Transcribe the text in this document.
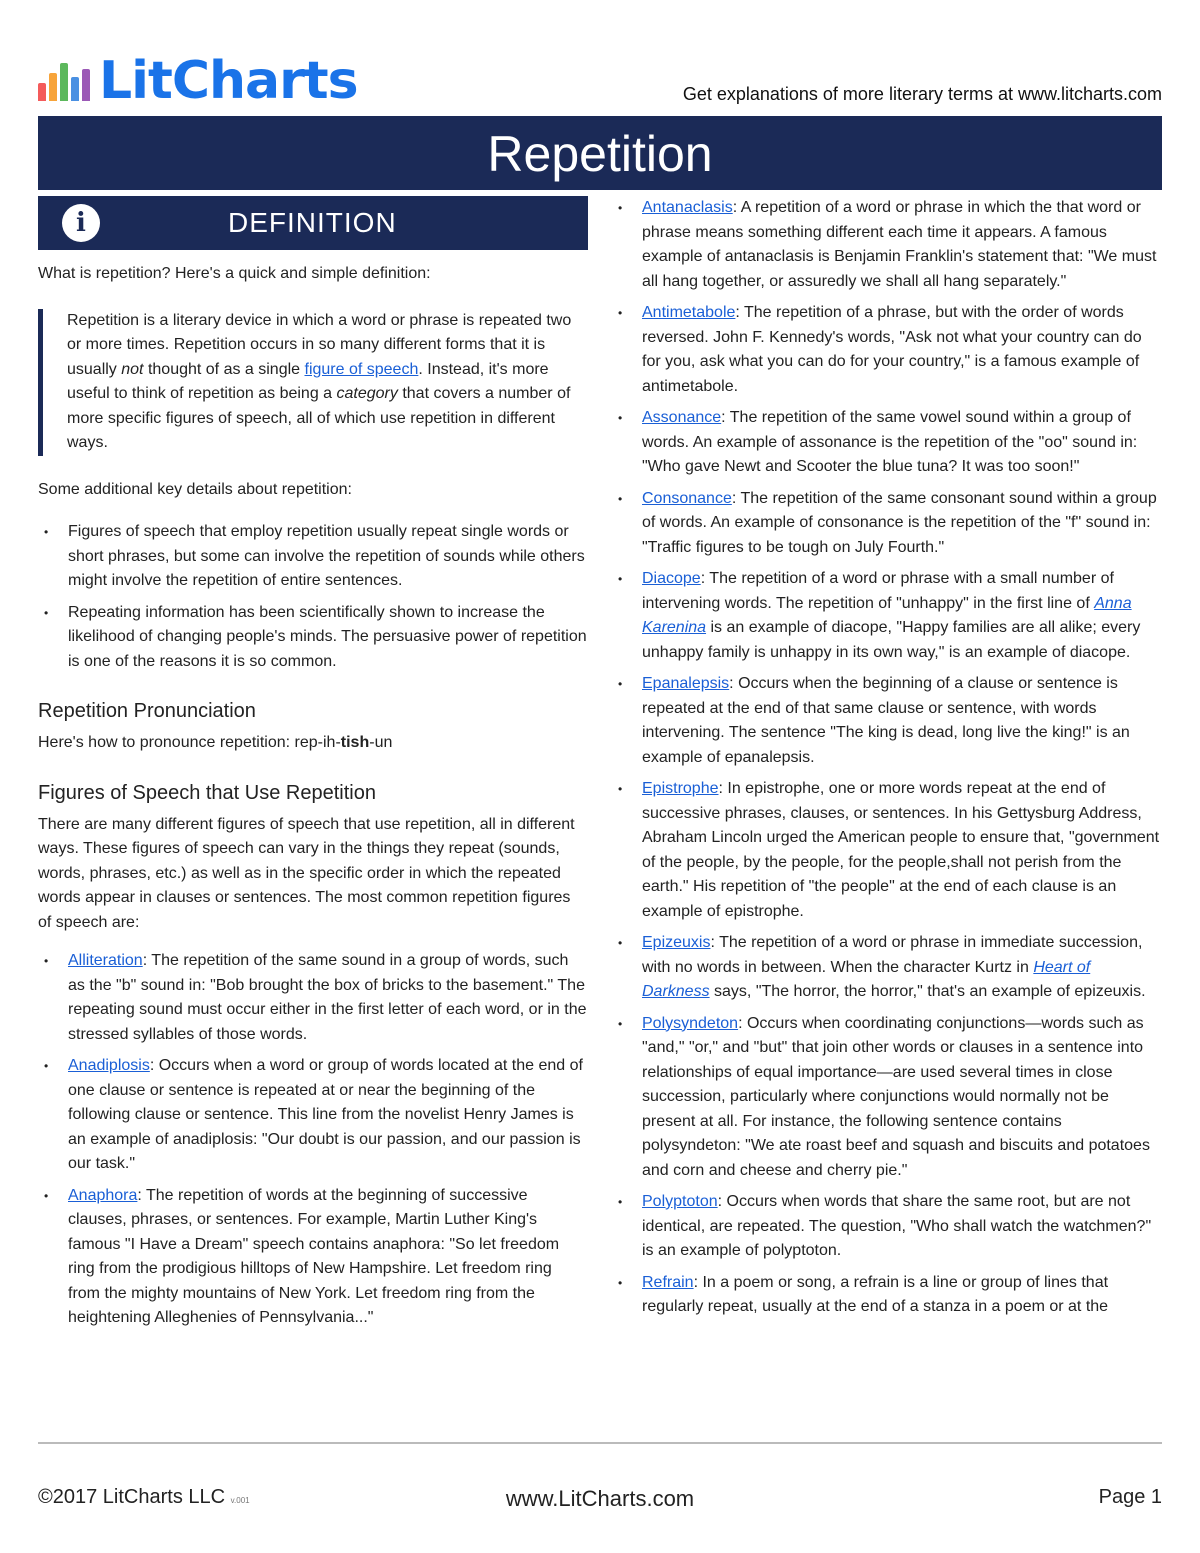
LitCharts	Get explanations of more literary terms at www.litcharts.com
Repetition
i	DEFINITION

What is repetition? Here's a quick and simple definition:

Repetition is a literary device in which a word or phrase is repeated two or more times. Repetition occurs in so many different forms that it is usually not thought of as a single figure of speech. Instead, it's more useful to think of repetition as being a category that covers a number of more specific figures of speech, all of which use repetition in different ways.

Some additional key details about repetition:

• Figures of speech that employ repetition usually repeat single words or short phrases, but some can involve the repetition of sounds while others might involve the repetition of entire sentences.
• Repeating information has been scientifically shown to increase the likelihood of changing people's minds. The persuasive power of repetition is one of the reasons it is so common.
Repetition Pronunciation

Here's how to pronounce repetition: rep-ih-tish-un

Figures of Speech that Use Repetition

There are many different figures of speech that use repetition, all in different ways. These figures of speech can vary in the things they repeat (sounds, words, phrases, etc.) as well as in the specific order in which the repeated words appear in clauses or sentences. The most common repetition figures of speech are:

• Alliteration: The repetition of the same sound in a group of words, such as the "b" sound in: "Bob brought the box of bricks to the basement." The repeating sound must occur either in the first letter of each word, or in the stressed syllables of those words.
• Anadiplosis: Occurs when a word or group of words located at the end of one clause or sentence is repeated at or near the beginning of the following clause or sentence. This line from the novelist Henry James is an example of anadiplosis: "Our doubt is our passion, and our passion is our task."
• Anaphora: The repetition of words at the beginning of successive clauses, phrases, or sentences. For example, Martin Luther King's famous "I Have a Dream" speech contains anaphora: "So let freedom ring from the prodigious hilltops of New Hampshire. Let freedom ring from the mighty mountains of New York. Let freedom ring from the heightening Alleghenies of Pennsylvania..."
• Antanaclasis: A repetition of a word or phrase in which the that word or phrase means something different each time it appears. A famous example of antanaclasis is Benjamin Franklin's statement that: "We must all hang together, or assuredly we shall all hang separately."
• Antimetabole: The repetition of a phrase, but with the order of words reversed. John F. Kennedy's words, "Ask not what your country can do for you, ask what you can do for your country," is a famous example of antimetabole.
• Assonance: The repetition of the same vowel sound within a group of words. An example of assonance is the repetition of the "oo" sound in: "Who gave Newt and Scooter the blue tuna? It was too soon!"
• Consonance: The repetition of the same consonant sound within a group of words. An example of consonance is the repetition of the "f" sound in: "Traffic figures to be tough on July Fourth."
• Diacope: The repetition of a word or phrase with a small number of intervening words. The repetition of "unhappy" in the first line of Anna Karenina is an example of diacope, "Happy families are all alike; every unhappy family is unhappy in its own way," is an example of diacope.
• Epanalepsis: Occurs when the beginning of a clause or sentence is repeated at the end of that same clause or sentence, with words intervening. The sentence "The king is dead, long live the king!" is an example of epanalepsis.
• Epistrophe: In epistrophe, one or more words repeat at the end of successive phrases, clauses, or sentences. In his Gettysburg Address, Abraham Lincoln urged the American people to ensure that, "government of the people, by the people, for the people,shall not perish from the earth." His repetition of "the people" at the end of each clause is an example of epistrophe.
• Epizeuxis: The repetition of a word or phrase in immediate succession, with no words in between. When the character Kurtz in Heart of Darkness says, "The horror, the horror," that's an example of epizeuxis.
• Polysyndeton: Occurs when coordinating conjunctions—words such as "and," "or," and "but" that join other words or clauses in a sentence into relationships of equal importance—are used several times in close succession, particularly where conjunctions would normally not be present at all. For instance, the following sentence contains polysyndeton: "We ate roast beef and squash and biscuits and potatoes and corn and cheese and cherry pie."
• Polyptoton: Occurs when words that share the same root, but are not identical, are repeated. The question, "Who shall watch the watchmen?" is an example of polyptoton.
• Refrain: In a poem or song, a refrain is a line or group of lines that regularly repeat, usually at the end of a stanza in a poem or at the
©2017 LitCharts LLC v.001	www.LitCharts.com	Page 1
